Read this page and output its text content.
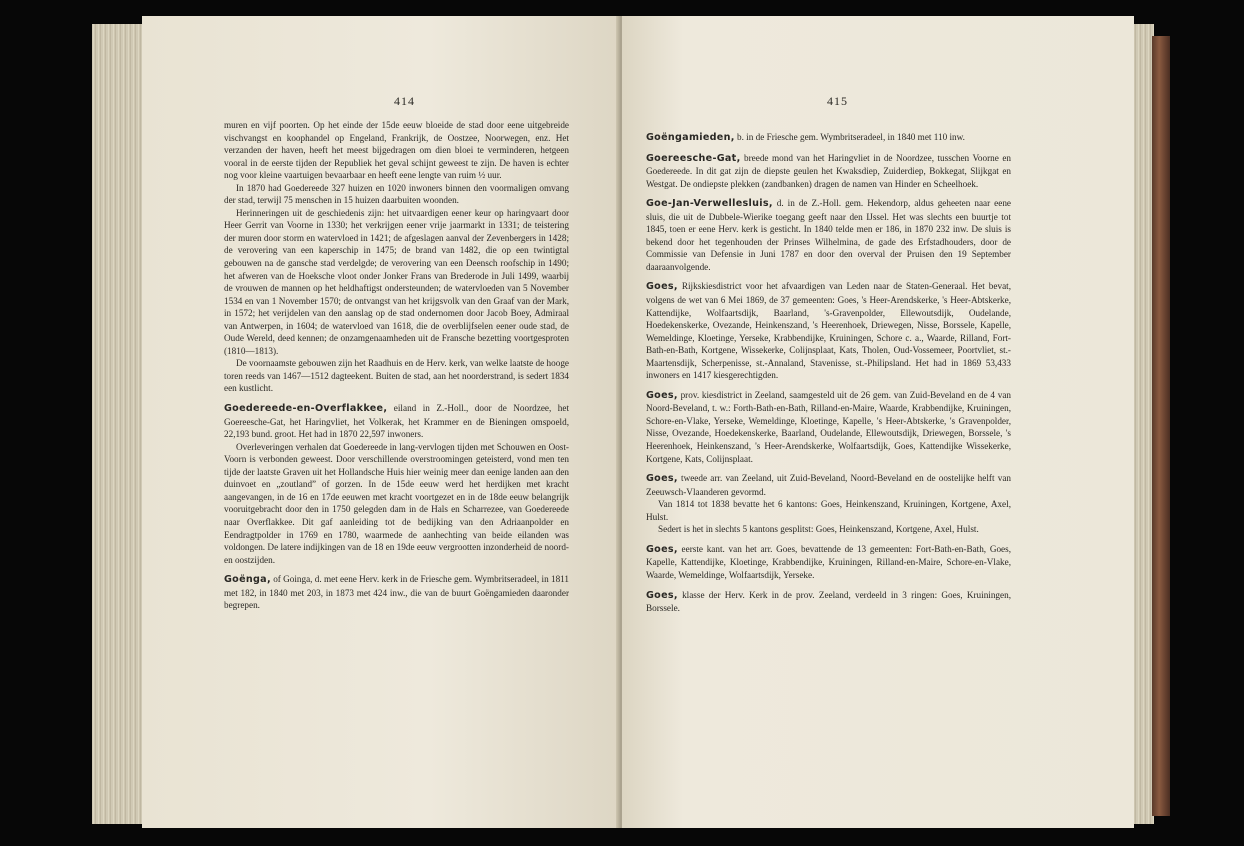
414

muren en vijf poorten. Op het einde der 15de eeuw bloeide de stad door eene uitgebreide vischvangst en koophandel op Engeland, Frankrijk, de Oostzee, Noorwegen, enz. Het verzanden der haven, heeft het meest bijgedragen om dien bloei te verminderen, hetgeen vooral in de eerste tijden der Republiek het geval schijnt geweest te zijn. De haven is echter nog voor kleine vaartuigen bevaarbaar en heeft eene lengte van ruim ½ uur.

In 1870 had Goedereede 327 huizen en 1020 inwoners binnen den voormaligen omvang der stad, terwijl 75 menschen in 15 huizen daarbuiten woonden.

Herinneringen uit de geschiedenis zijn: het uitvaardigen eener keur op haringvaart door Heer Gerrit van Voorne in 1330; het verkrijgen eener vrije jaarmarkt in 1331; de teistering der muren door storm en watervloed in 1421; de afgeslagen aanval der Zevenbergers in 1428; de verovering van een kaperschip in 1475; de brand van 1482, die op een twintigtal gebouwen na de gansche stad verdelgde; de verovering van een Deensch roofschip in 1490; het afweren van de Hoeksche vloot onder Jonker Frans van Brederode in Juli 1499, waarbij de vrouwen de mannen op het heldhaftigst ondersteunden; de watervloeden van 5 November 1534 en van 1 November 1570; de ontvangst van het krijgsvolk van den Graaf van der Mark, in 1572; het verijdelen van den aanslag op de stad ondernomen door Jacob Boey, Admiraal van Antwerpen, in 1604; de watervloed van 1618, die de overblijfselen eener oude stad, de Oude Wereld, deed kennen; de onzamgenaamheden uit de Fransche bezetting voortgesproten (1810—1813).

De voornaamste gebouwen zijn het Raadhuis en de Herv. kerk, van welke laatste de hooge toren reeds van 1467—1512 dagteekent. Buiten de stad, aan het noorderstrand, is sedert 1834 een kustlicht.

Goedereede-en-Overflakkee, eiland in Z.-Holl., door de Noordzee, het Goereesche-Gat, het Haringvliet, het Volkerak, het Krammer en de Bieningen omspoeld, 22,193 bund. groot. Het had in 1870 22,597 inwoners.

Overleveringen verhalen dat Goedereede in lang-vervlogen tijden met Schouwen en Oost-Voorn is verbonden geweest. Door verschillende overstroomingen geteisterd, vond men ten tijde der laatste Graven uit het Hollandsche Huis hier weinig meer dan eenige landen aan den duinvoet en „zoutland” of gorzen. In de 15de eeuw werd het herdijken met kracht aangevangen, in de 16 en 17de eeuwen met kracht voortgezet en in de 18de eeuw belangrijk vooruitgebracht door den in 1750 gelegden dam in de Hals en Scharrezee, van Goedereede naar Overflakkee. Dit gaf aanleiding tot de bedijking van den Adriaanpolder en Eendragtpolder in 1769 en 1780, waarmede de aanhechting van beide eilanden was voldongen. De latere indijkingen van de 18 en 19de eeuw vergrootten inzonderheid de noord- en oostzijden.

Goënga, of Goinga, d. met eene Herv. kerk in de Friesche gem. Wymbritseradeel, in 1811 met 182, in 1840 met 203, in 1873 met 424 inw., die van de buurt Goëngamieden daaronder begrepen.

415

Goëngamieden, b. in de Friesche gem. Wymbritseradeel, in 1840 met 110 inw.

Goereesche-Gat, breede mond van het Haringvliet in de Noordzee, tusschen Voorne en Goedereede. In dit gat zijn de diepste geulen het Kwaksdiep, Zuiderdiep, Bokkegat, Slijkgat en Westgat. De ondiepste plekken (zandbanken) dragen de namen van Hinder en Scheelhoek.

Goe-Jan-Verwellesluis, d. in de Z.-Holl. gem. Hekendorp, aldus geheeten naar eene sluis, die uit de Dubbele-Wierike toegang geeft naar den IJssel. Het was slechts een buurtje tot 1845, toen er eene Herv. kerk is gesticht. In 1840 telde men er 186, in 1870 232 inw. De sluis is bekend door het tegenhouden der Prinses Wilhelmina, de gade des Erfstadhouders, door de Commissie van Defensie in Juni 1787 en door den overval der Pruisen den 19 September daaraanvolgende.

Goes, Rijkskiesdistrict voor het afvaardigen van Leden naar de Staten-Generaal. Het bevat, volgens de wet van 6 Mei 1869, de 37 gemeenten: Goes, 's Heer-Arendskerke, 's Heer-Abtskerke, Kattendijke, Wolfaartsdijk, Baarland, 's-Gravenpolder, Ellewoutsdijk, Oudelande, Hoedekenskerke, Ovezande, Heinkenszand, 's Heerenhoek, Driewegen, Nisse, Borssele, Kapelle, Wemeldinge, Kloetinge, Yerseke, Krabbendijke, Kruiningen, Schore c. a., Waarde, Rilland, Fort-Bath-en-Bath, Kortgene, Wissekerke, Colijnsplaat, Kats, Tholen, Oud-Vossemeer, Poortvliet, st.-Maartensdijk, Scherpenisse, st.-Annaland, Stavenisse, st.-Philipsland. Het had in 1869 53,433 inwoners en 1417 kiesgerechtigden.

Goes, prov. kiesdistrict in Zeeland, saamgesteld uit de 26 gem. van Zuid-Beveland en de 4 van Noord-Beveland, t. w.: Forth-Bath-en-Bath, Rilland-en-Maire, Waarde, Krabbendijke, Kruiningen, Schore-en-Vlake, Yerseke, Wemeldinge, Kloetinge, Kapelle, 's Heer-Abtskerke, 's Gravenpolder, Nisse, Ovezande, Hoedekenskerke, Baarland, Oudelande, Ellewoutsdijk, Driewegen, Borssele, 's Heerenhoek, Heinkenszand, 's Heer-Arendskerke, Wolfaartsdijk, Goes, Kattendijke Wissekerke, Kortgene, Kats, Colijnsplaat.

Goes, tweede arr. van Zeeland, uit Zuid-Beveland, Noord-Beveland en de oostelijke helft van Zeeuwsch-Vlaanderen gevormd.

Van 1814 tot 1838 bevatte het 6 kantons: Goes, Heinkenszand, Kruiningen, Kortgene, Axel, Hulst.

Sedert is het in slechts 5 kantons gesplitst: Goes, Heinkenszand, Kortgene, Axel, Hulst.

Goes, eerste kant. van het arr. Goes, bevattende de 13 gemeenten: Fort-Bath-en-Bath, Goes, Kapelle, Kattendijke, Kloetinge, Krabbendijke, Kruiningen, Rilland-en-Maire, Schore-en-Vlake, Waarde, Wemeldinge, Wolfaartsdijk, Yerseke.

Goes, klasse der Herv. Kerk in de prov. Zeeland, verdeeld in 3 ringen: Goes, Kruiningen, Borssele.
